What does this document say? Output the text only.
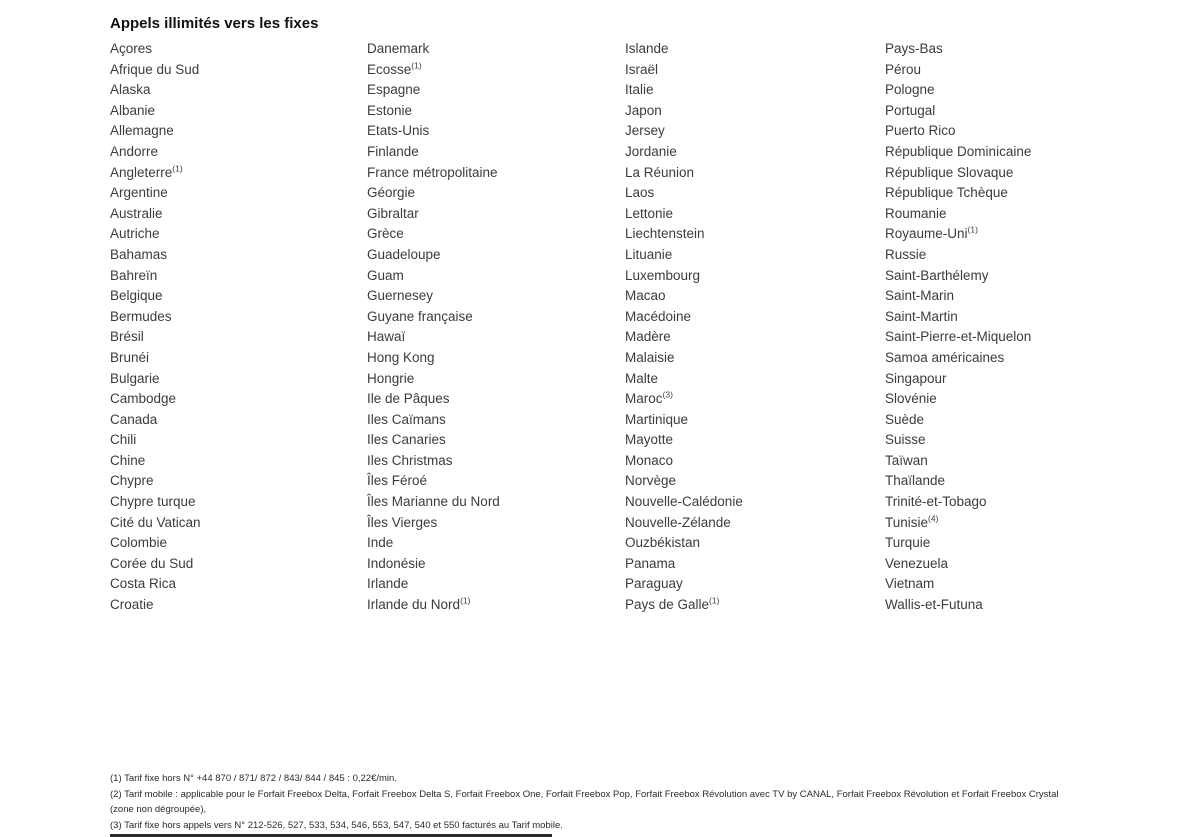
Appels illimités vers les fixes
Açores
Afrique du Sud
Alaska
Albanie
Allemagne
Andorre
Angleterre$^{(1)}$
Argentine
Australie
Autriche
Bahamas
Bahreïn
Belgique
Bermudes
Brésil
Brunéi
Bulgarie
Cambodge
Canada
Chili
Chine
Chypre
Chypre turque
Cité du Vatican
Colombie
Corée du Sud
Costa Rica
Croatie
Danemark
Ecosse$^{(1)}$
Espagne
Estonie
Etats-Unis
Finlande
France métropolitaine
Géorgie
Gibraltar
Grèce
Guadeloupe
Guam
Guernesey
Guyane française
Hawaï
Hong Kong
Hongrie
Ile de Pâques
Iles Caïmans
Iles Canaries
Iles Christmas
Îles Féroé
Îles Marianne du Nord
Îles Vierges
Inde
Indonésie
Irlande
Irlande du Nord$^{(1)}$
Islande
Israël
Italie
Japon
Jersey
Jordanie
La Réunion
Laos
Lettonie
Liechtenstein
Lituanie
Luxembourg
Macao
Macédoine
Madère
Malaisie
Malte
Maroc$^{(3)}$
Martinique
Mayotte
Monaco
Norvège
Nouvelle-Calédonie
Nouvelle-Zélande
Ouzbékistan
Panama
Paraguay
Pays de Galle$^{(1)}$
Pays-Bas
Pérou
Pologne
Portugal
Puerto Rico
République Dominicaine
République Slovaque
République Tchèque
Roumanie
Royaume-Uni$^{(1)}$
Russie
Saint-Barthélemy
Saint-Marin
Saint-Martin
Saint-Pierre-et-Miquelon
Samoa américaines
Singapour
Slovénie
Suède
Suisse
Taïwan
Thaïlande
Trinité-et-Tobago
Tunisie$^{(4)}$
Turquie
Venezuela
Vietnam
Wallis-et-Futuna
(1) Tarif fixe hors N° +44 870 / 871/ 872 / 843/ 844 / 845 : 0,22€/min.
(2) Tarif mobile : applicable pour le Forfait Freebox Delta, Forfait Freebox Delta S, Forfait Freebox One, Forfait Freebox Pop, Forfait Freebox Révolution avec TV by CANAL, Forfait Freebox Révolution et Forfait Freebox Crystal (zone non dégroupée),
(3) Tarif fixe hors appels vers N° 212-526, 527, 533, 534, 546, 553, 547, 540 et 550 facturés au Tarif mobile.
